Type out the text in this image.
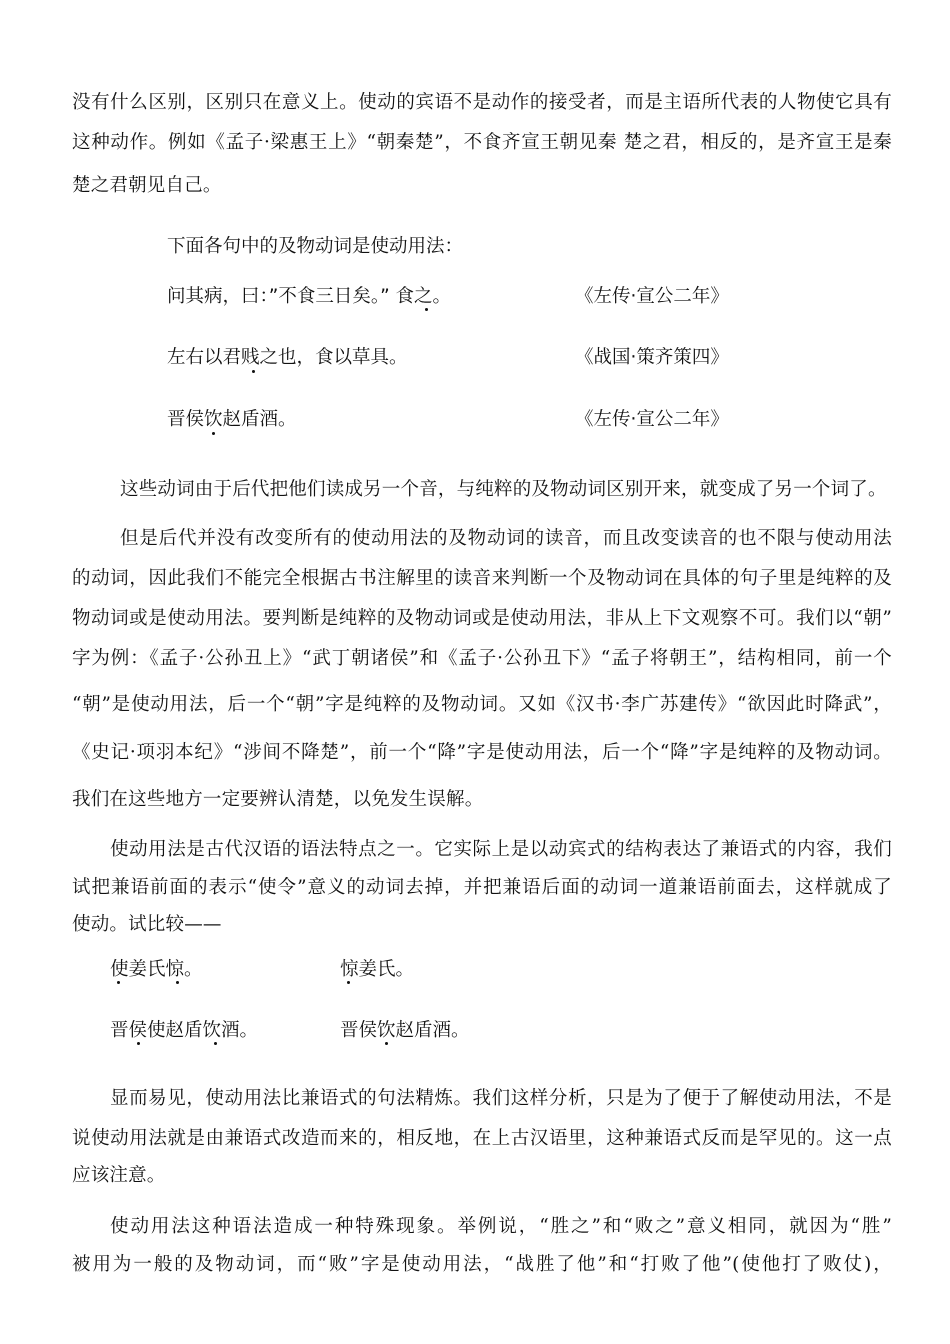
没有什么区别，区别只在意义上。使动的宾语不是动作的接受者，而是主语所代表的人物使它具有
这种动作。例如《孟子·梁惠王上》“朝秦楚”，不食齐宣王朝见秦 楚之君，相反的，是齐宣王是秦
楚之君朝见自己。
下面各句中的及物动词是使动用法：
问其病，曰：”不食三日矣。” 食之。	《左传·宣公二年》
左右以君贱之也，食以草具。	《战国·策齐策四》
晋侯饮赵盾酒。	《左传·宣公二年》
这些动词由于后代把他们读成另一个音，与纯粹的及物动词区别开来，就变成了另一个词了。
但是后代并没有改变所有的使动用法的及物动词的读音，而且改变读音的也不限与使动用法
的动词，因此我们不能完全根据古书注解里的读音来判断一个及物动词在具体的句子里是纯粹的及
物动词或是使动用法。要判断是纯粹的及物动词或是使动用法，非从上下文观察不可。我们以“朝”
字为例：《孟子·公孙丑上》“武丁朝诸侯”和《孟子·公孙丑下》“孟子将朝王”，结构相同，前一个
“朝”是使动用法，后一个“朝”字是纯粹的及物动词。又如《汉书·李广苏建传》“欲因此时降武”，
《史记·项羽本纪》“涉间不降楚”，前一个“降”字是使动用法，后一个“降”字是纯粹的及物动词。
我们在这些地方一定要辨认清楚，以免发生误解。
使动用法是古代汉语的语法特点之一。它实际上是以动宾式的结构表达了兼语式的内容，我们
试把兼语前面的表示“使令”意义的动词去掉，并把兼语后面的动词一道兼语前面去，这样就成了
使动。试比较——
使姜氏惊。	惊姜氏。
晋侯使赵盾饮酒。	晋侯饮赵盾酒。
显而易见，使动用法比兼语式的句法精炼。我们这样分析，只是为了便于了解使动用法，不是
说使动用法就是由兼语式改造而来的，相反地，在上古汉语里，这种兼语式反而是罕见的。这一点
应该注意。
使动用法这种语法造成一种特殊现象。举例说，“胜之”和“败之”意义相同，就因为“胜”
被用为一般的及物动词，而“败”字是使动用法，“战胜了他”和“打败了他”(使他打了败仗)，
